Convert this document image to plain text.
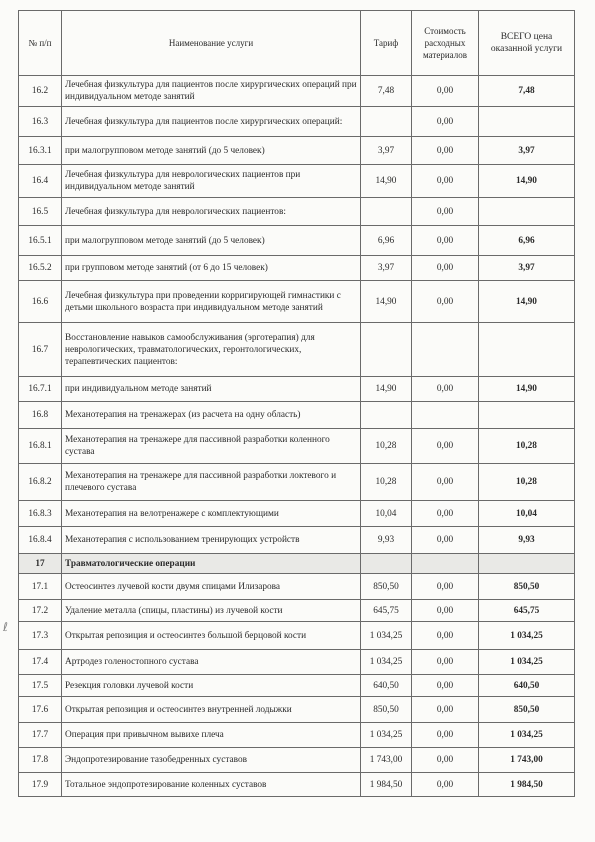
№ п/п	Наименование услуги	Тариф	Стоимость расходных материалов	ВСЕГО цена оказанной услуги
16.2	Лечебная физкультура для пациентов после хирургических операций при индивидуальном методе занятий	7,48	0,00	7,48
16.3	Лечебная физкультура для пациентов после хирургических операций:		0,00	
16.3.1	при малогрупповом методе занятий (до 5 человек)	3,97	0,00	3,97
16.4	Лечебная физкультура для неврологических пациентов при индивидуальном методе занятий	14,90	0,00	14,90
16.5	Лечебная физкультура для неврологических пациентов:		0,00	
16.5.1	при малогрупповом методе занятий (до 5 человек)	6,96	0,00	6,96
16.5.2	при групповом методе занятий (от 6 до 15 человек)	3,97	0,00	3,97
16.6	Лечебная физкультура при проведении корригирующей гимнастики с детьми школьного возраста при индивидуальном методе занятий	14,90	0,00	14,90
16.7	Восстановление навыков самообслуживания (эрготерапия) для неврологических, травматологических, геронтологических, терапевтических пациентов:			
16.7.1	при индивидуальном методе занятий	14,90	0,00	14,90
16.8	Механотерапия на тренажерах (из расчета на одну область)			
16.8.1	Механотерапия на тренажере для пассивной разработки коленного сустава	10,28	0,00	10,28
16.8.2	Механотерапия на тренажере для пассивной разработки локтевого и плечевого сустава	10,28	0,00	10,28
16.8.3	Механотерапия на велотренажере с комплектующими	10,04	0,00	10,04
16.8.4	Механотерапия с использованием тренирующих устройств	9,93	0,00	9,93
17	Травматологические операции			
17.1	Остеосинтез лучевой кости двумя спицами Илизарова	850,50	0,00	850,50
17.2	Удаление металла (спицы, пластины) из лучевой кости	645,75	0,00	645,75
17.3	Открытая репозиция и остеосинтез большой берцовой кости	1 034,25	0,00	1 034,25
17.4	Артродез голеностопного сустава	1 034,25	0,00	1 034,25
17.5	Резекция головки лучевой кости	640,50	0,00	640,50
17.6	Открытая репозиция и остеосинтез внутренней лодыжки	850,50	0,00	850,50
17.7	Операция при привычном вывихе плеча	1 034,25	0,00	1 034,25
17.8	Эндопротезирование тазобедренных суставов	1 743,00	0,00	1 743,00
17.9	Тотальное эндопротезирование коленных суставов	1 984,50	0,00	1 984,50
ℓ
